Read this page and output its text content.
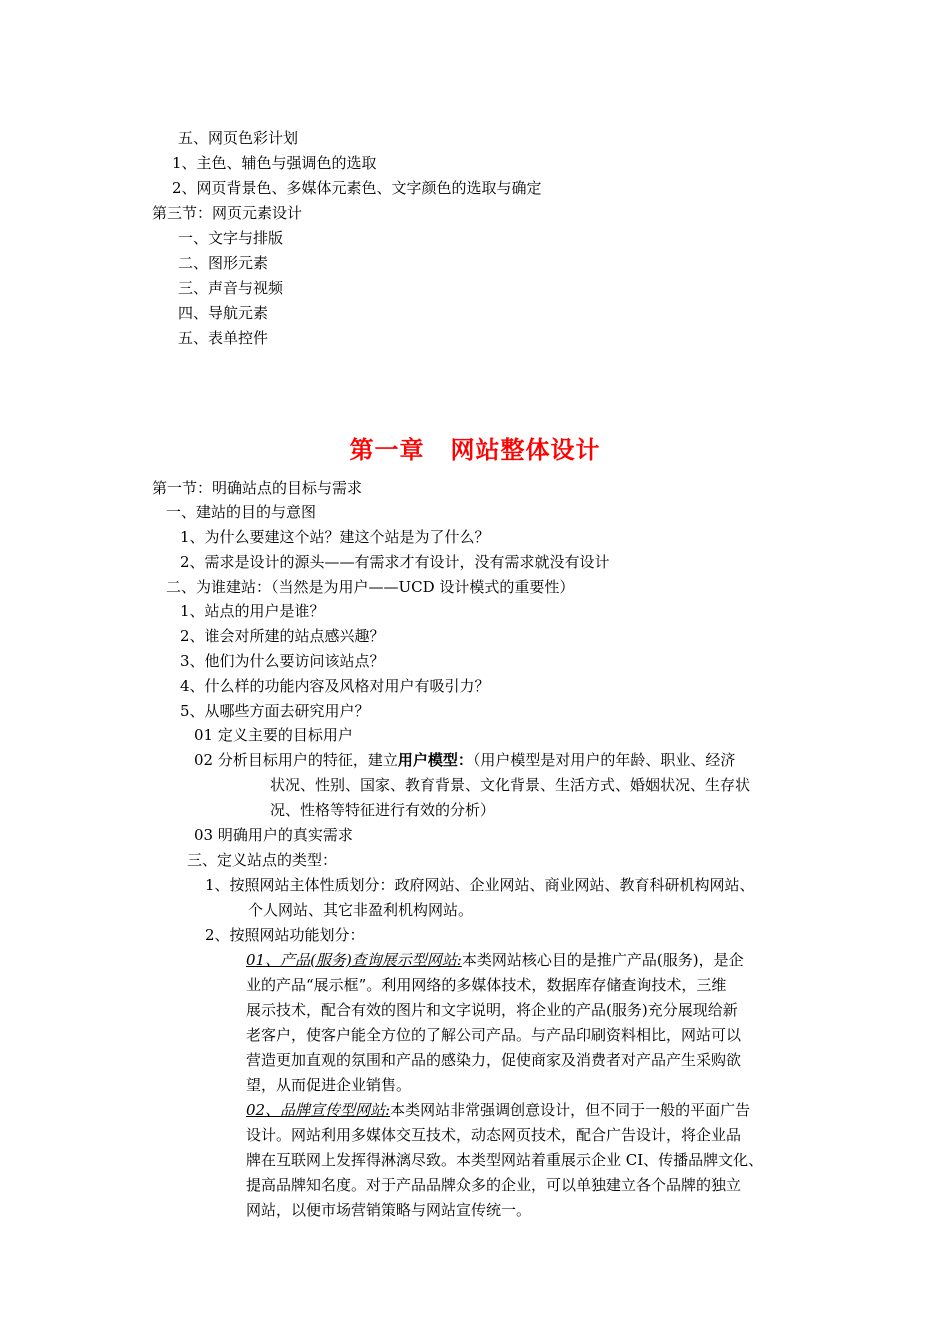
五、网页色彩计划
1、主色、辅色与强调色的选取
2、网页背景色、多媒体元素色、文字颜色的选取与确定
第三节：网页元素设计
一、文字与排版
二、图形元素
三、声音与视频
四、导航元素
五、表单控件
第一章 网站整体设计
第一节：明确站点的目标与需求
一、建站的目的与意图
1、为什么要建这个站？建这个站是为了什么？
2、需求是设计的源头——有需求才有设计，没有需求就没有设计
二、为谁建站：（当然是为用户——UCD 设计模式的重要性）
1、站点的用户是谁？
2、谁会对所建的站点感兴趣？
3、他们为什么要访问该站点？
4、什么样的功能内容及风格对用户有吸引力？
5、从哪些方面去研究用户？
01 定义主要的目标用户
02 分析目标用户的特征，建立用户模型：（用户模型是对用户的年龄、职业、经济
状况、性别、国家、教育背景、文化背景、生活方式、婚姻状况、生存状
况、性格等特征进行有效的分析）
03 明确用户的真实需求
三、定义站点的类型：
1、按照网站主体性质划分：政府网站、企业网站、商业网站、教育科研机构网站、
个人网站、其它非盈利机构网站。
2、按照网站功能划分：
01、产品(服务)查询展示型网站:本类网站核心目的是推广产品(服务)，是企
业的产品“展示框”。利用网络的多媒体技术，数据库存储查询技术，三维
展示技术，配合有效的图片和文字说明，将企业的产品(服务)充分展现给新
老客户，使客户能全方位的了解公司产品。与产品印刷资料相比，网站可以
营造更加直观的氛围和产品的感染力，促使商家及消费者对产品产生采购欲
望，从而促进企业销售。
02、品牌宣传型网站:本类网站非常强调创意设计，但不同于一般的平面广告
设计。网站利用多媒体交互技术，动态网页技术，配合广告设计，将企业品
牌在互联网上发挥得淋漓尽致。本类型网站着重展示企业 CI、传播品牌文化、
提高品牌知名度。对于产品品牌众多的企业，可以单独建立各个品牌的独立
网站，以便市场营销策略与网站宣传统一。
